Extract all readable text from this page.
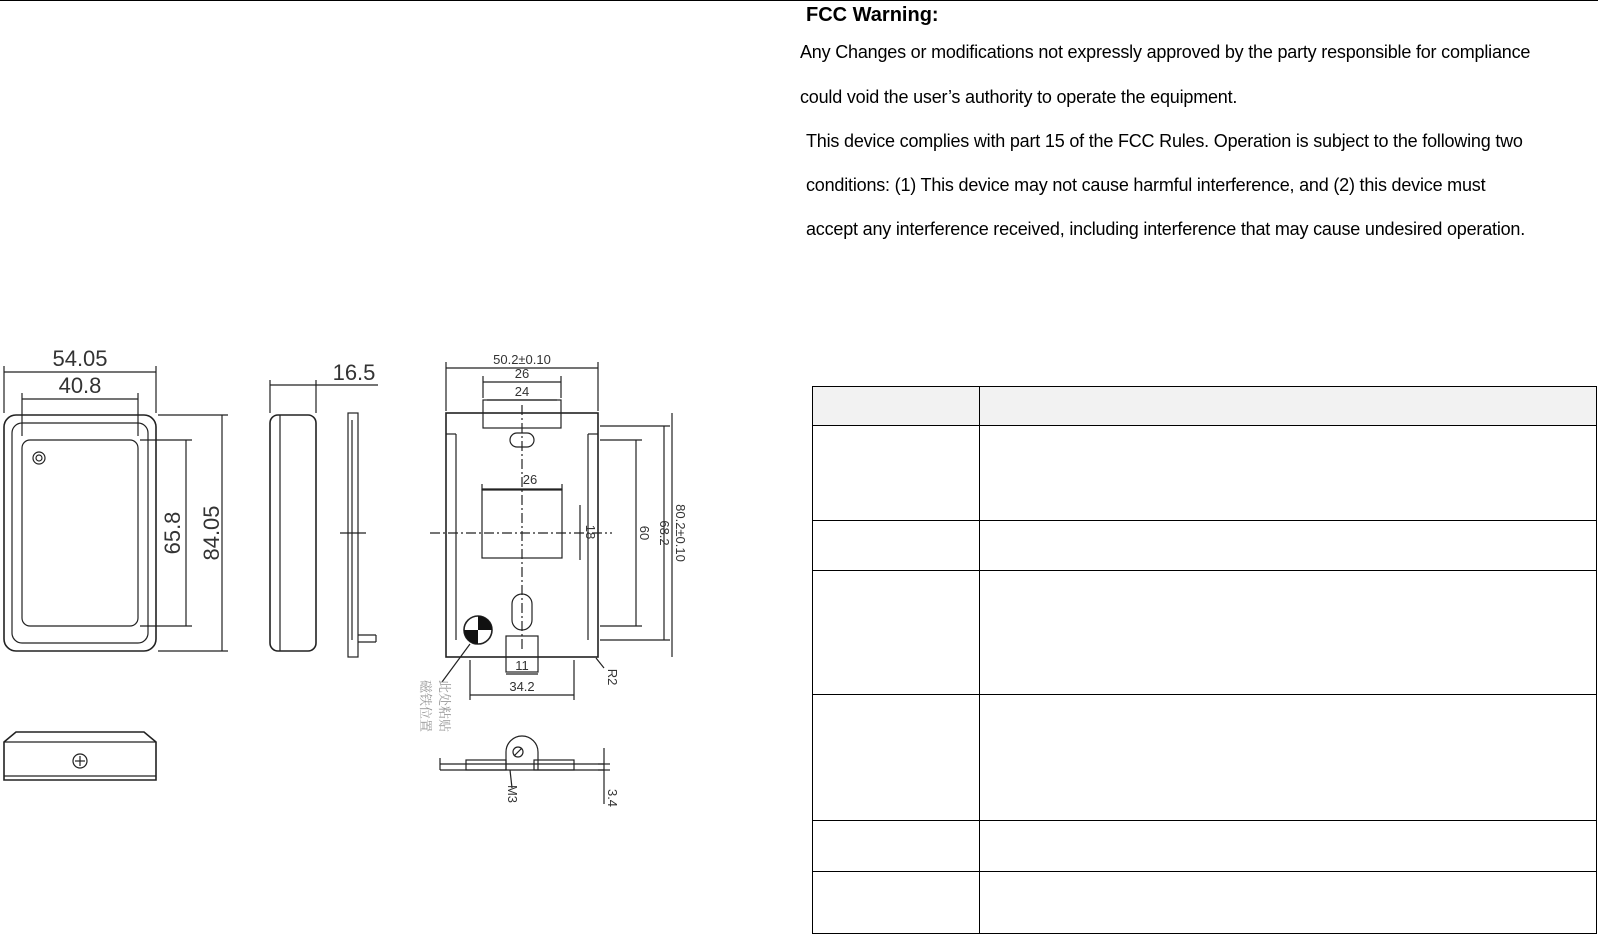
FCC Warning:
Any Changes or modifications not expressly approved by the party responsible for compliance
could void the user’s authority to operate the equipment.
This device complies with part 15 of the FCC Rules. Operation is subject to the following two
conditions: (1) This device may not cause harmful interference, and (2) this device must
accept any interference received, including interference that may cause undesired operation.
54.05
40.8
65.8 84.05
16.5
50.2±0.10
26
24
26
18	60 68.2 80.2±0.10
11
34.2
R2
磁铁位置 此处粘贴
M3	3.4
